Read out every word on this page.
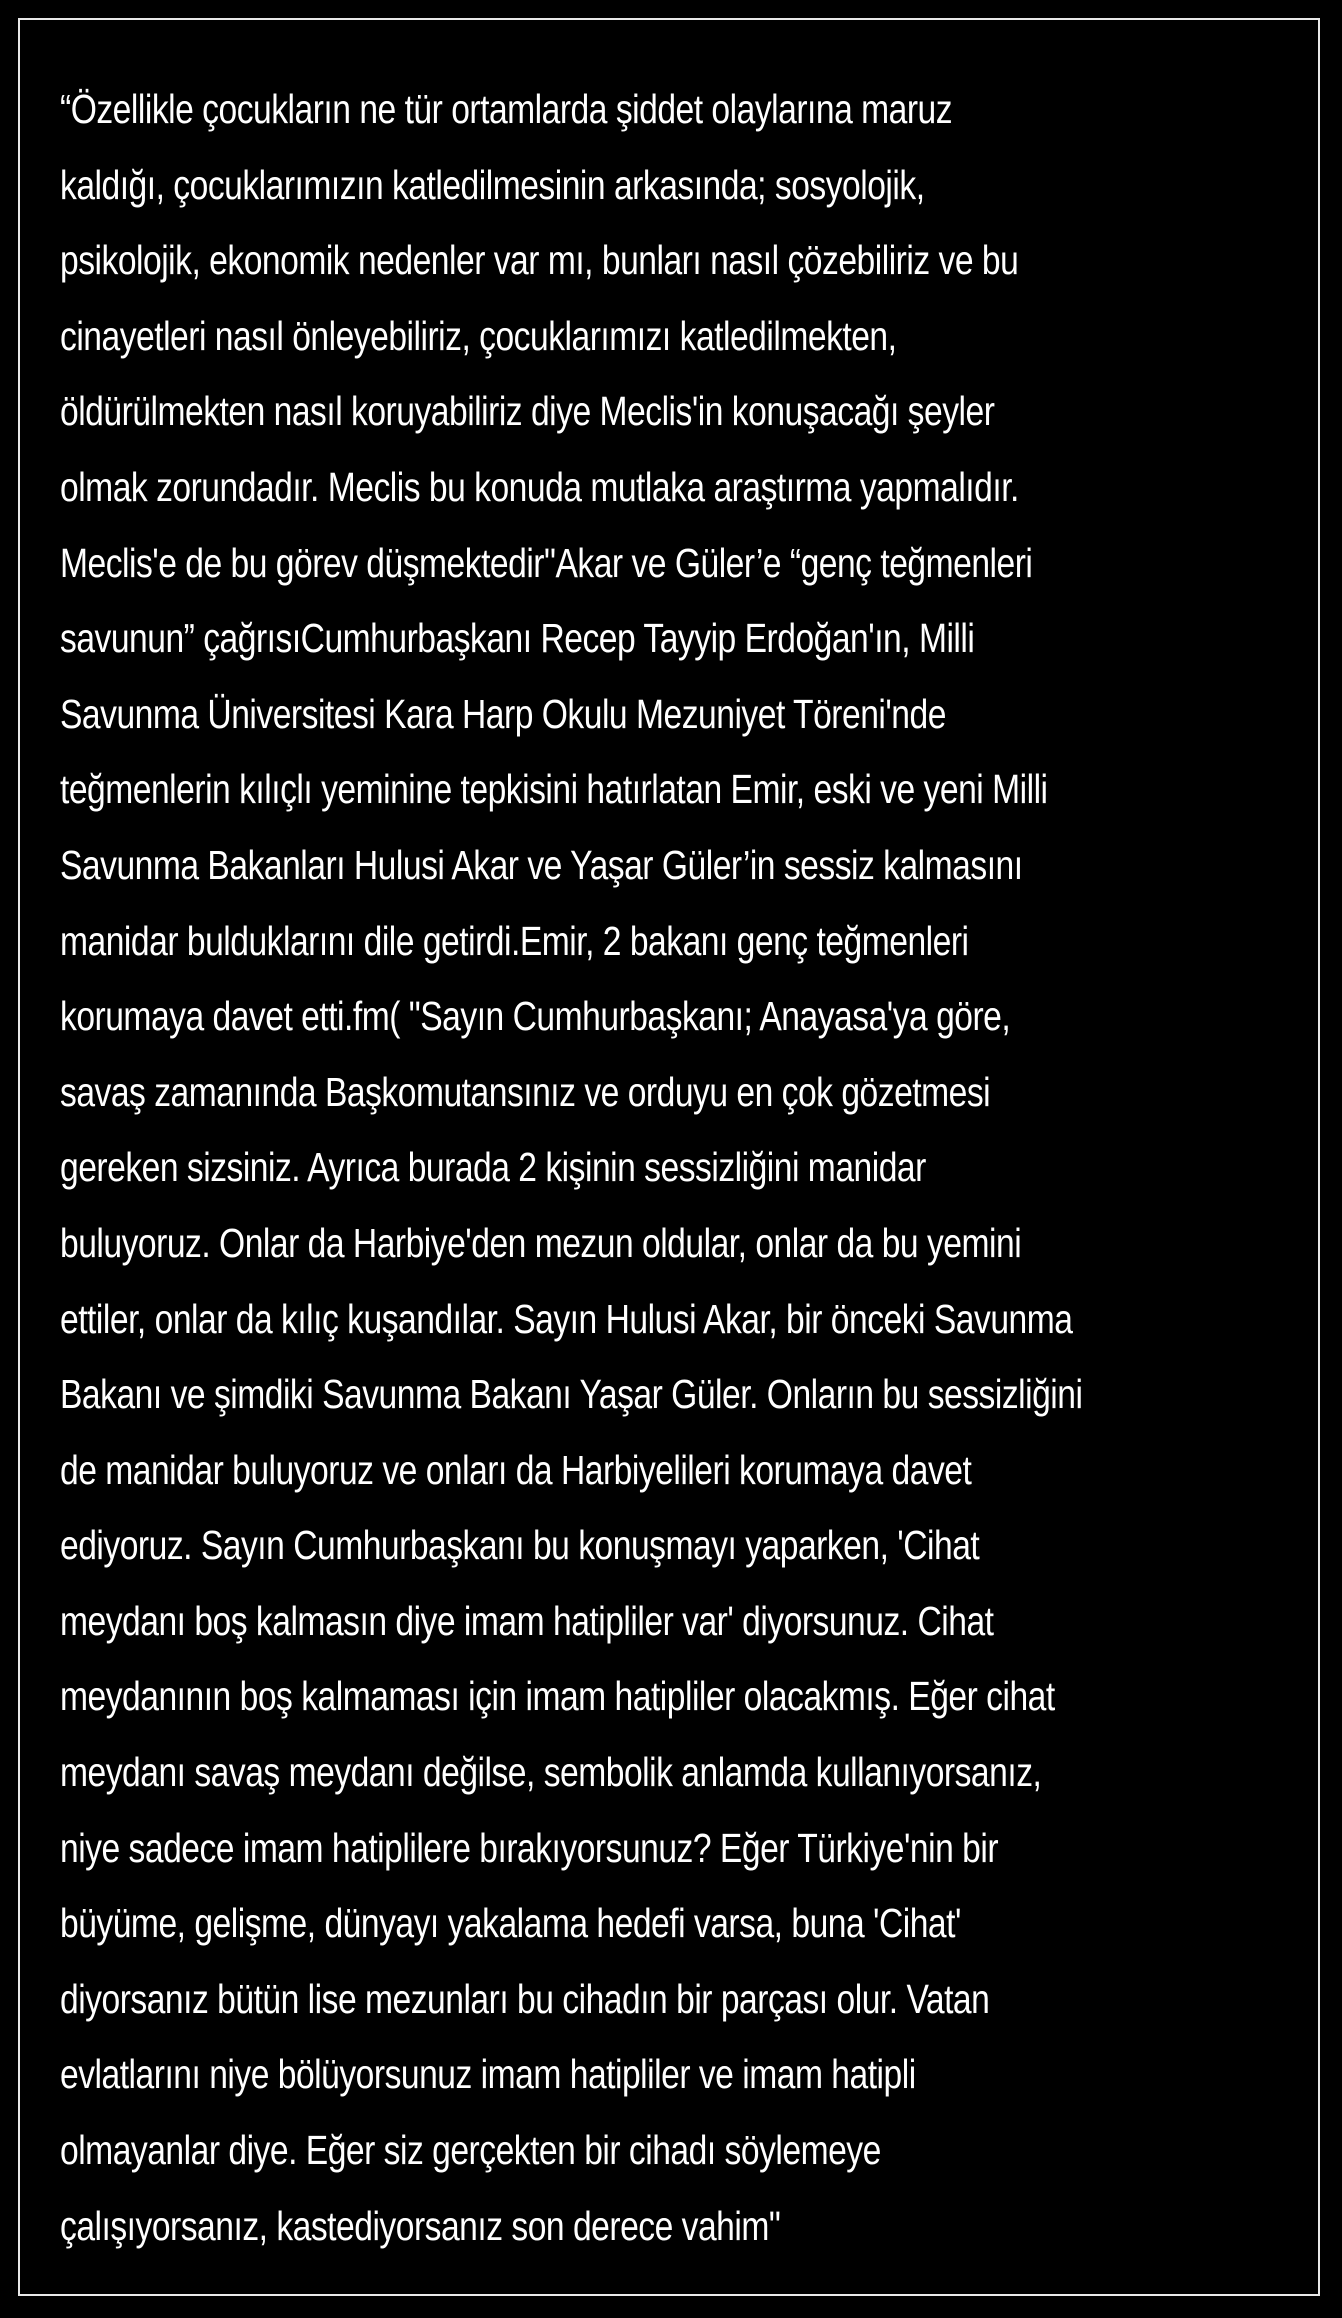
“Özellikle çocukların ne tür ortamlarda şiddet olaylarına maruz
kaldığı, çocuklarımızın katledilmesinin arkasında; sosyolojik,
psikolojik, ekonomik nedenler var mı, bunları nasıl çözebiliriz ve bu
cinayetleri nasıl önleyebiliriz, çocuklarımızı katledilmekten,
öldürülmekten nasıl koruyabiliriz diye Meclis'in konuşacağı şeyler
olmak zorundadır. Meclis bu konuda mutlaka araştırma yapmalıdır.
Meclis'e de bu görev düşmektedir"Akar ve Güler’e “genç teğmenleri
savunun” çağrısıCumhurbaşkanı Recep Tayyip Erdoğan'ın, Milli
Savunma Üniversitesi Kara Harp Okulu Mezuniyet Töreni'nde
teğmenlerin kılıçlı yeminine tepkisini hatırlatan Emir, eski ve yeni Milli
Savunma Bakanları Hulusi Akar ve Yaşar Güler’in sessiz kalmasını
manidar bulduklarını dile getirdi.Emir, 2 bakanı genç teğmenleri
korumaya davet etti.fm( "Sayın Cumhurbaşkanı; Anayasa'ya göre,
savaş zamanında Başkomutansınız ve orduyu en çok gözetmesi
gereken sizsiniz. Ayrıca burada 2 kişinin sessizliğini manidar
buluyoruz. Onlar da Harbiye'den mezun oldular, onlar da bu yemini
ettiler, onlar da kılıç kuşandılar. Sayın Hulusi Akar, bir önceki Savunma
Bakanı ve şimdiki Savunma Bakanı Yaşar Güler. Onların bu sessizliğini
de manidar buluyoruz ve onları da Harbiyelileri korumaya davet
ediyoruz. Sayın Cumhurbaşkanı bu konuşmayı yaparken, 'Cihat
meydanı boş kalmasın diye imam hatipliler var' diyorsunuz. Cihat
meydanının boş kalmaması için imam hatipliler olacakmış. Eğer cihat
meydanı savaş meydanı değilse, sembolik anlamda kullanıyorsanız,
niye sadece imam hatiplilere bırakıyorsunuz? Eğer Türkiye'nin bir
büyüme, gelişme, dünyayı yakalama hedefi varsa, buna 'Cihat'
diyorsanız bütün lise mezunları bu cihadın bir parçası olur. Vatan
evlatlarını niye bölüyorsunuz imam hatipliler ve imam hatipli
olmayanlar diye. Eğer siz gerçekten bir cihadı söylemeye
çalışıyorsanız, kastediyorsanız son derece vahim"
